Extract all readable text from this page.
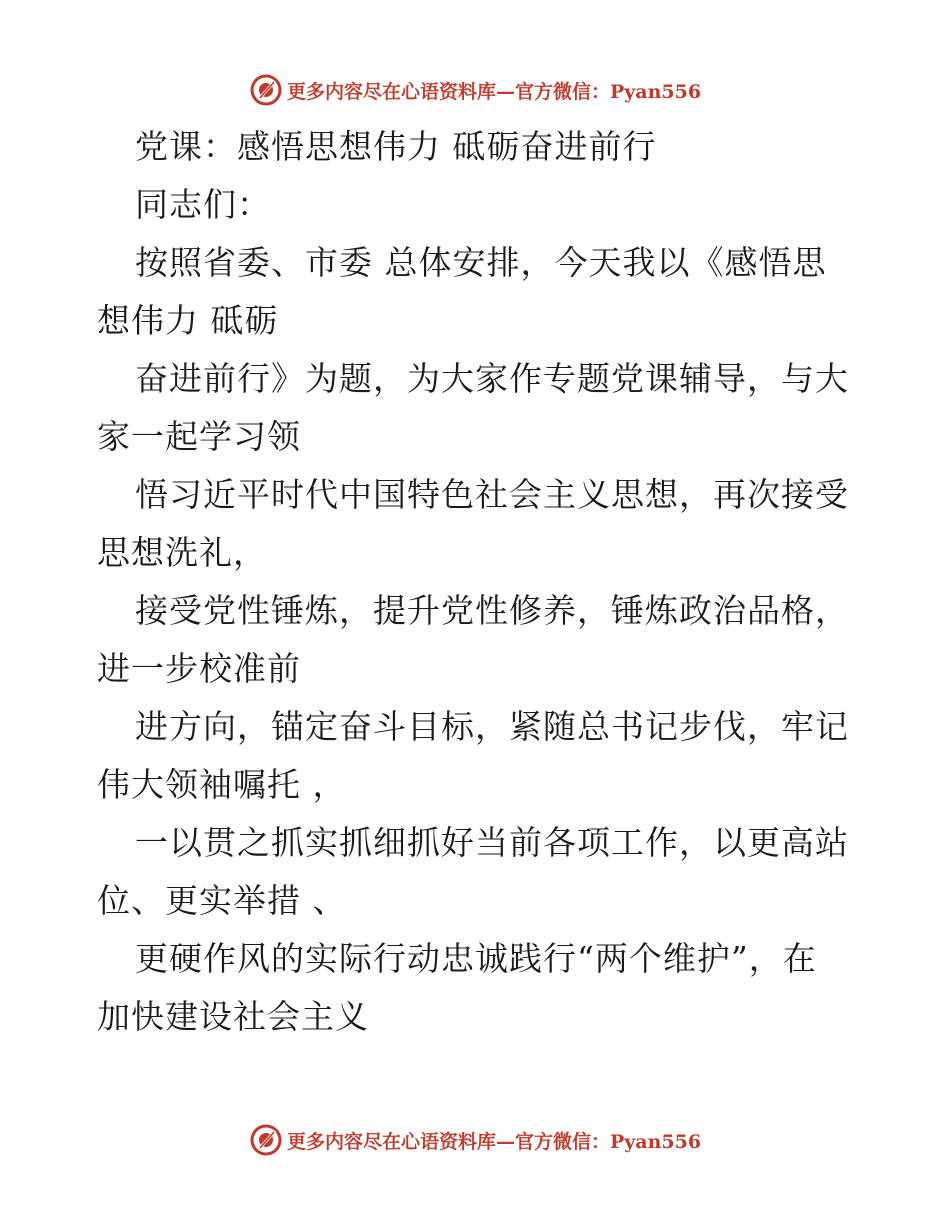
更多内容尽在心语资料库—官方微信：Pyan556
党课：感悟思想伟力 砥砺奋进前行
同志们：
按照省委、市委 总体安排，今天我以《感悟思
想伟力 砥砺
奋进前行》为题，为大家作专题党课辅导，与大
家一起学习领
悟习近平时代中国特色社会主义思想，再次接受
思想洗礼，
接受党性锤炼，提升党性修养，锤炼政治品格，
进一步校准前
进方向，锚定奋斗目标，紧随总书记步伐，牢记
伟大领袖嘱托 ，
一以贯之抓实抓细抓好当前各项工作，以更高站
位、更实举措 、
更硬作风的实际行动忠诚践行“两个维护”，在
加快建设社会主义
更多内容尽在心语资料库—官方微信：Pyan556
